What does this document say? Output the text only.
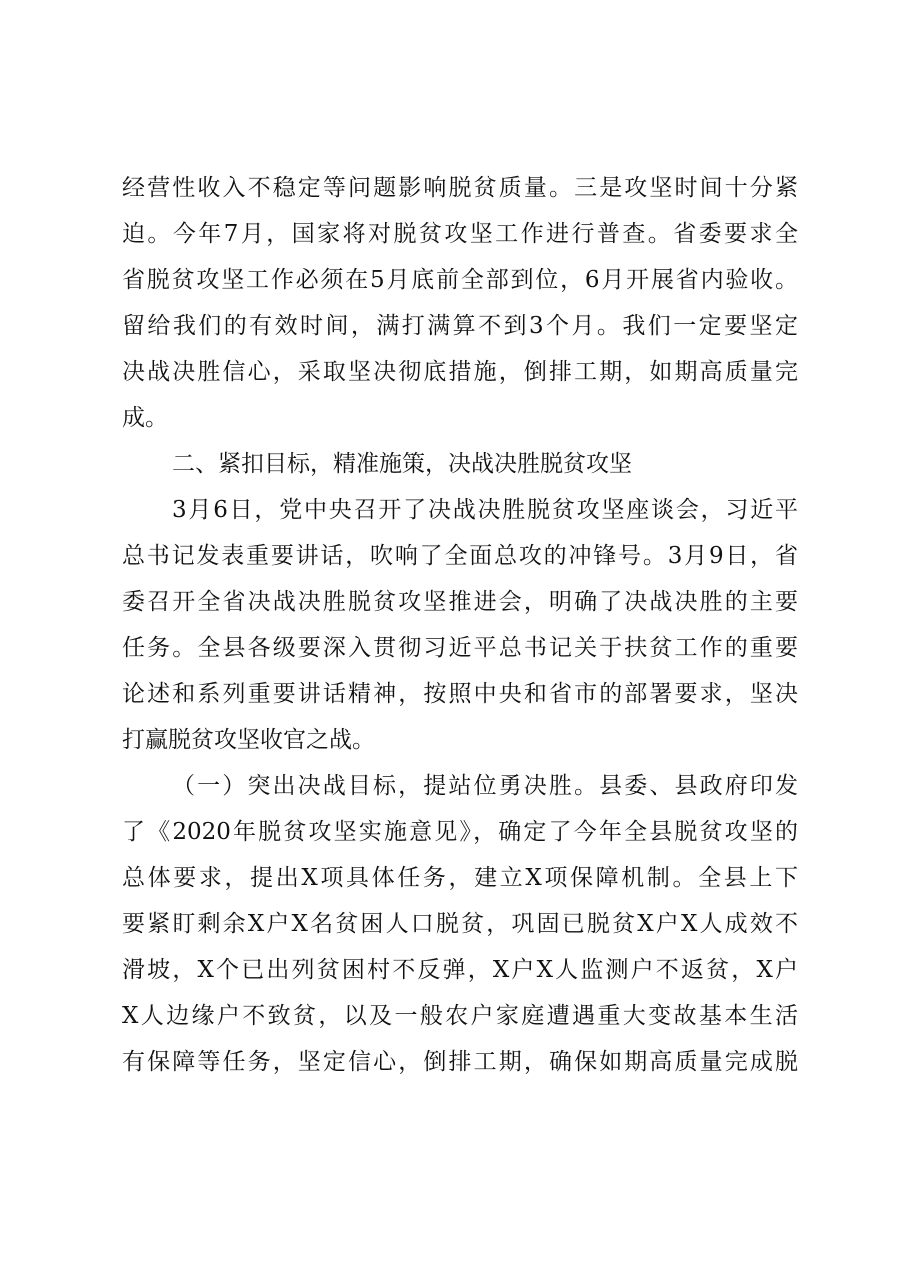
经营性收入不稳定等问题影响脱贫质量。三是攻坚时间十分紧
迫。今年7月，国家将对脱贫攻坚工作进行普查。省委要求全
省脱贫攻坚工作必须在5月底前全部到位，6月开展省内验收。
留给我们的有效时间，满打满算不到3个月。我们一定要坚定
决战决胜信心，采取坚决彻底措施，倒排工期，如期高质量完
成。
二、紧扣目标，精准施策，决战决胜脱贫攻坚
3月6日，党中央召开了决战决胜脱贫攻坚座谈会，习近平
总书记发表重要讲话，吹响了全面总攻的冲锋号。3月9日，省
委召开全省决战决胜脱贫攻坚推进会，明确了决战决胜的主要
任务。全县各级要深入贯彻习近平总书记关于扶贫工作的重要
论述和系列重要讲话精神，按照中央和省市的部署要求，坚决
打赢脱贫攻坚收官之战。
（一）突出决战目标，提站位勇决胜。县委、县政府印发
了《2020年脱贫攻坚实施意见》，确定了今年全县脱贫攻坚的
总体要求，提出X项具体任务，建立X项保障机制。全县上下
要紧盯剩余X户X名贫困人口脱贫，巩固已脱贫X户X人成效不
滑坡，X个已出列贫困村不反弹，X户X人监测户不返贫，X户
X人边缘户不致贫，以及一般农户家庭遭遇重大变故基本生活
有保障等任务，坚定信心，倒排工期，确保如期高质量完成脱
